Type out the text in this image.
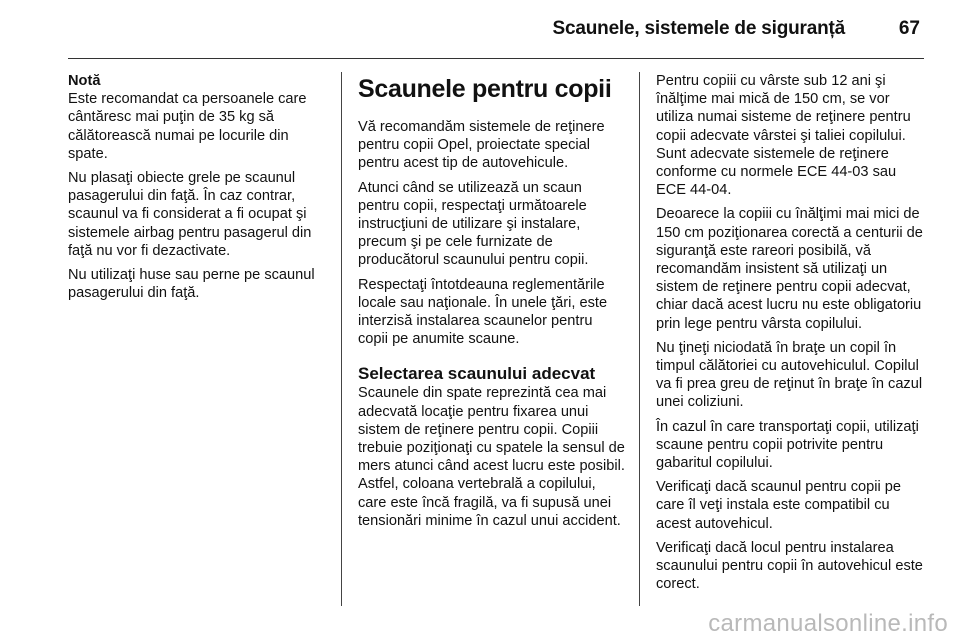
Scaunele, sistemele de siguranță	67
Notă

Este recomandat ca persoanele care cântăresc mai puţin de 35 kg să călătorească numai pe locurile din spate.

Nu plasaţi obiecte grele pe scaunul pasagerului din faţă. În caz contrar, scaunul va fi considerat a fi ocupat şi sistemele airbag pentru pasagerul din faţă nu vor fi dezactivate.

Nu utilizaţi huse sau perne pe scaunul pasagerului din faţă.

Scaunele pentru copii

Vă recomandăm sistemele de reţinere pentru copii Opel, proiectate special pentru acest tip de autovehicule.

Atunci când se utilizează un scaun pentru copii, respectaţi următoarele instrucţiuni de utilizare şi instalare, precum şi pe cele furnizate de producătorul scaunului pentru copii.

Respectaţi întotdeauna reglementările locale sau naţionale. În unele ţări, este interzisă instalarea scaunelor pentru copii pe anumite scaune.

Selectarea scaunului adecvat

Scaunele din spate reprezintă cea mai adecvată locaţie pentru fixarea unui sistem de reţinere pentru copii. Copiii trebuie poziţionaţi cu spatele la sensul de mers atunci când acest lucru este posibil. Astfel, coloana vertebrală a copilului, care este încă fragilă, va fi supusă unei tensionări minime în cazul unui accident.

Pentru copiii cu vârste sub 12 ani şi înălţime mai mică de 150 cm, se vor utiliza numai sisteme de reţinere pentru copii adecvate vârstei şi taliei copilului. Sunt adecvate sistemele de reţinere conforme cu normele ECE 44-03 sau ECE 44-04.

Deoarece la copiii cu înălţimi mai mici de 150 cm poziţionarea corectă a centurii de siguranţă este rareori posibilă, vă recomandăm insistent să utilizaţi un sistem de reţinere pentru copii adecvat, chiar dacă acest lucru nu este obligatoriu prin lege pentru vârsta copilului.

Nu ţineţi niciodată în braţe un copil în timpul călătoriei cu autovehiculul. Copilul va fi prea greu de reţinut în braţe în cazul unei coliziuni.

În cazul în care transportaţi copii, utilizaţi scaune pentru copii potrivite pentru gabaritul copilului.

Verificaţi dacă scaunul pentru copii pe care îl veţi instala este compatibil cu acest autovehicul.

Verificaţi dacă locul pentru instalarea scaunului pentru copii în autovehicul este corect.

carmanualsonline.info
